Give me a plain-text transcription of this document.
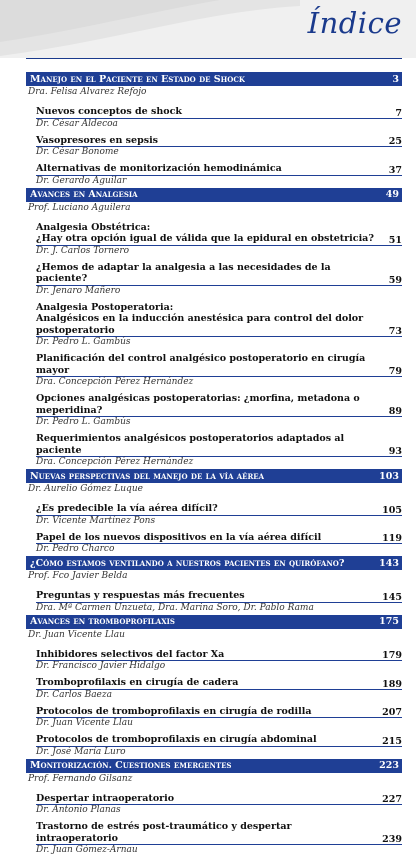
Índice
Manejo en el Paciente en Estado de Shock	3
Dra. Felisa Alvarez Refojo
Nuevos conceptos de shock	7
Dr. César Aldecoa
Vasopresores en sepsis	25
Dr. César Bonome
Alternativas de monitorización hemodinámica	37
Dr. Gerardo Aguilar
Avances en Analgesia	49
Prof. Luciano Aguilera
Analgesia Obstétrica:
¿Hay otra opción igual de válida que la epidural en obstetricia? 51
Dr. J. Carlos Tornero
¿Hemos de adaptar la analgesia a las necesidades de la paciente?	59
Dr. Jenaro Mañero
Analgesia Postoperatoria:
Analgésicos en la inducción anestésica para control del dolor postoperatorio	73
Dr. Pedro L. Gambús
Planificación del control analgésico postoperatorio en cirugía mayor	79
Dra. Concepción Pérez Hernández
Opciones analgésicas postoperatorias: ¿morfina, metadona o meperidina?	89
Dr. Pedro L. Gambús
Requerimientos analgésicos postoperatorios adaptados al paciente	93
Dra. Concepción Pérez Hernández
Nuevas perspectivas del manejo de la vía aérea	103
Dr. Aurelio Gómez Luque
¿Es predecible la vía aérea difícil?	105
Dr. Vicente Martínez Pons
Papel de los nuevos dispositivos en la vía aérea difícil	119
Dr. Pedro Charco
¿Cómo estamos ventilando a nuestros pacientes en quirófano?	143
Prof. Fco Javier Belda
Preguntas y respuestas más frecuentes	145
Dra. Mª Carmen Unzueta, Dra. Marina Soro, Dr. Pablo Rama
Avances en tromboprofilaxis	175
Dr. Juan Vicente Llau
Inhibidores selectivos del factor Xa	179
Dr. Francisco Javier Hidalgo
Tromboprofilaxis en cirugía de cadera	189
Dr. Carlos Baeza
Protocolos de tromboprofilaxis en cirugía de rodilla	207
Dr. Juan Vicente Llau
Protocolos de tromboprofilaxis en cirugía abdominal	215
Dr. José María Luro
Monitorización. Cuestiones emergentes	223
Prof. Fernando Gilsanz
Despertar intraoperatorio	227
Dr. Antonio Planas
Trastorno de estrés post-traumático y despertar intraoperatorio	239
Dr. Juan Gómez-Arnau
